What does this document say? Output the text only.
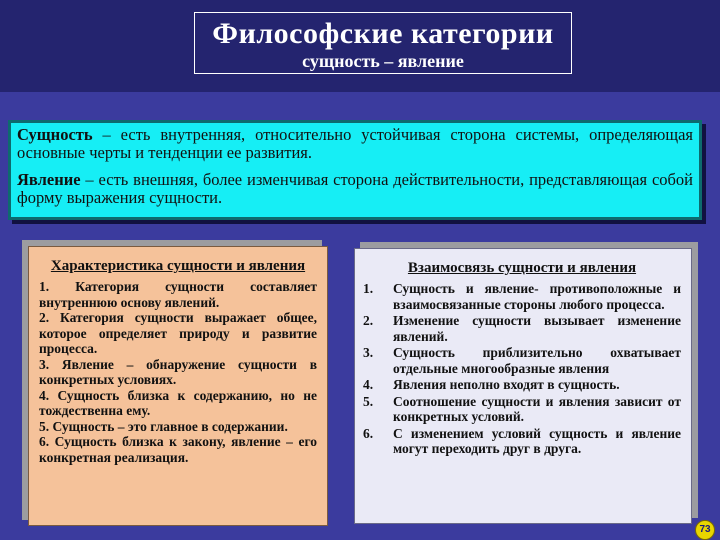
Философские категории
сущность – явление

Сущность – есть внутренняя, относительно устойчивая сторона системы, определяющая основные черты и тенденции ее развития.

Явление – есть внешняя, более изменчивая сторона действительности, представляющая собой форму выражения сущности.

Характеристика сущности и явления
1. Категория сущности составляет внутреннюю основу явлений.
2. Категория сущности выражает общее, которое определяет природу и развитие процесса.
3. Явление – обнаружение сущности в конкретных условиях.
4. Сущность близка к содержанию, но не тождественна ему.
5. Сущность – это главное в содержании.
6. Сущность близка к закону, явление – его конкретная реализация.
Взаимосвязь сущности и явления
1.	Сущность и явление- противоположные и взаимосвязанные стороны любого процесса.
2.	Изменение сущности вызывает изменение явлений.
3.	Сущность приблизительно охватывает отдельные многообразные явления
4.	Явления неполно входят в сущность.
5.	Соотношение сущности и явления зависит от конкретных условий.
6.	С изменением условий сущность и явление могут переходить друг в друга.
73
